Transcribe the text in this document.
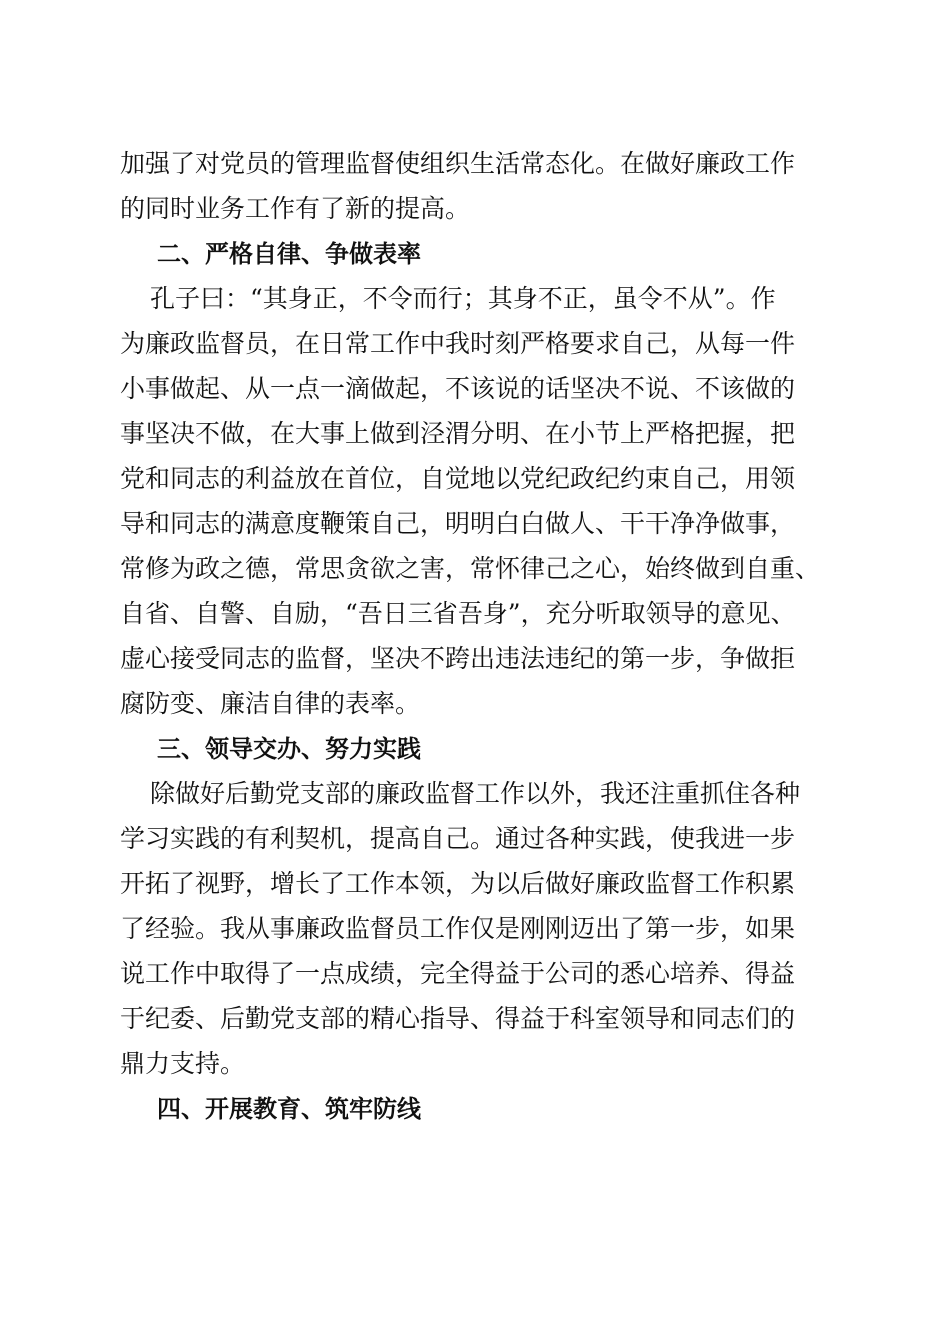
加强了对党员的管理监督使组织生活常态化。在做好廉政工作

的同时业务工作有了新的提高。

二、严格自律、争做表率

孔子曰：“其身正，不令而行；其身不正，虽令不从”。作

为廉政监督员，在日常工作中我时刻严格要求自己，从每一件

小事做起、从一点一滴做起，不该说的话坚决不说、不该做的

事坚决不做，在大事上做到泾渭分明、在小节上严格把握，把

党和同志的利益放在首位，自觉地以党纪政纪约束自己，用领

导和同志的满意度鞭策自己，明明白白做人、干干净净做事，

常修为政之德，常思贪欲之害，常怀律己之心，始终做到自重、

自省、自警、自励，“吾日三省吾身”，充分听取领导的意见、

虚心接受同志的监督，坚决不跨出违法违纪的第一步，争做拒

腐防变、廉洁自律的表率。

三、领导交办、努力实践

除做好后勤党支部的廉政监督工作以外，我还注重抓住各种

学习实践的有利契机，提高自己。通过各种实践，使我进一步

开拓了视野，增长了工作本领，为以后做好廉政监督工作积累

了经验。我从事廉政监督员工作仅是刚刚迈出了第一步，如果

说工作中取得了一点成绩，完全得益于公司的悉心培养、得益

于纪委、后勤党支部的精心指导、得益于科室领导和同志们的

鼎力支持。

四、开展教育、筑牢防线
